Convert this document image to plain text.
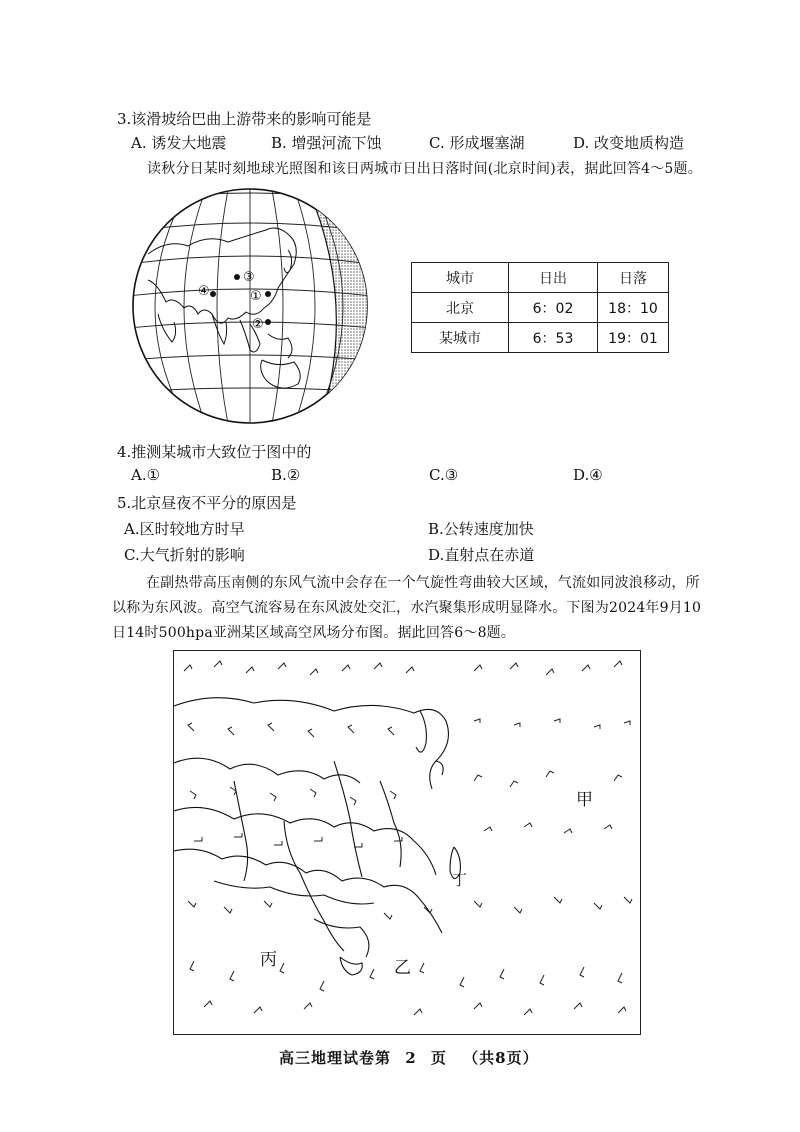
3.该滑坡给巴曲上游带来的影响可能是
A. 诱发大地震	B. 增强河流下蚀	C. 形成堰塞湖	D. 改变地质构造
读秋分日某时刻地球光照图和该日两城市日出日落时间(北京时间)表，据此回答4～5题。
③
①
②
④
城市	日出	日落
北京	6：02	18：10
某城市	6：53	19：01
4.推测某城市大致位于图中的
A.①	B.②	C.③	D.④
5.北京昼夜不平分的原因是
A.区时较地方时早	B.公转速度加快
C.大气折射的影响	D.直射点在赤道
在副热带高压南侧的东风气流中会存在一个气旋性弯曲较大区域，气流如同波浪移动，所
以称为东风波。高空气流容易在东风波处交汇，水汽聚集形成明显降水。下图为2024年9月10
日14时500hpa亚洲某区域高空风场分布图。据此回答6～8题。
甲
乙
丙
丁
高三地理试卷第 2 页 （共8页）
